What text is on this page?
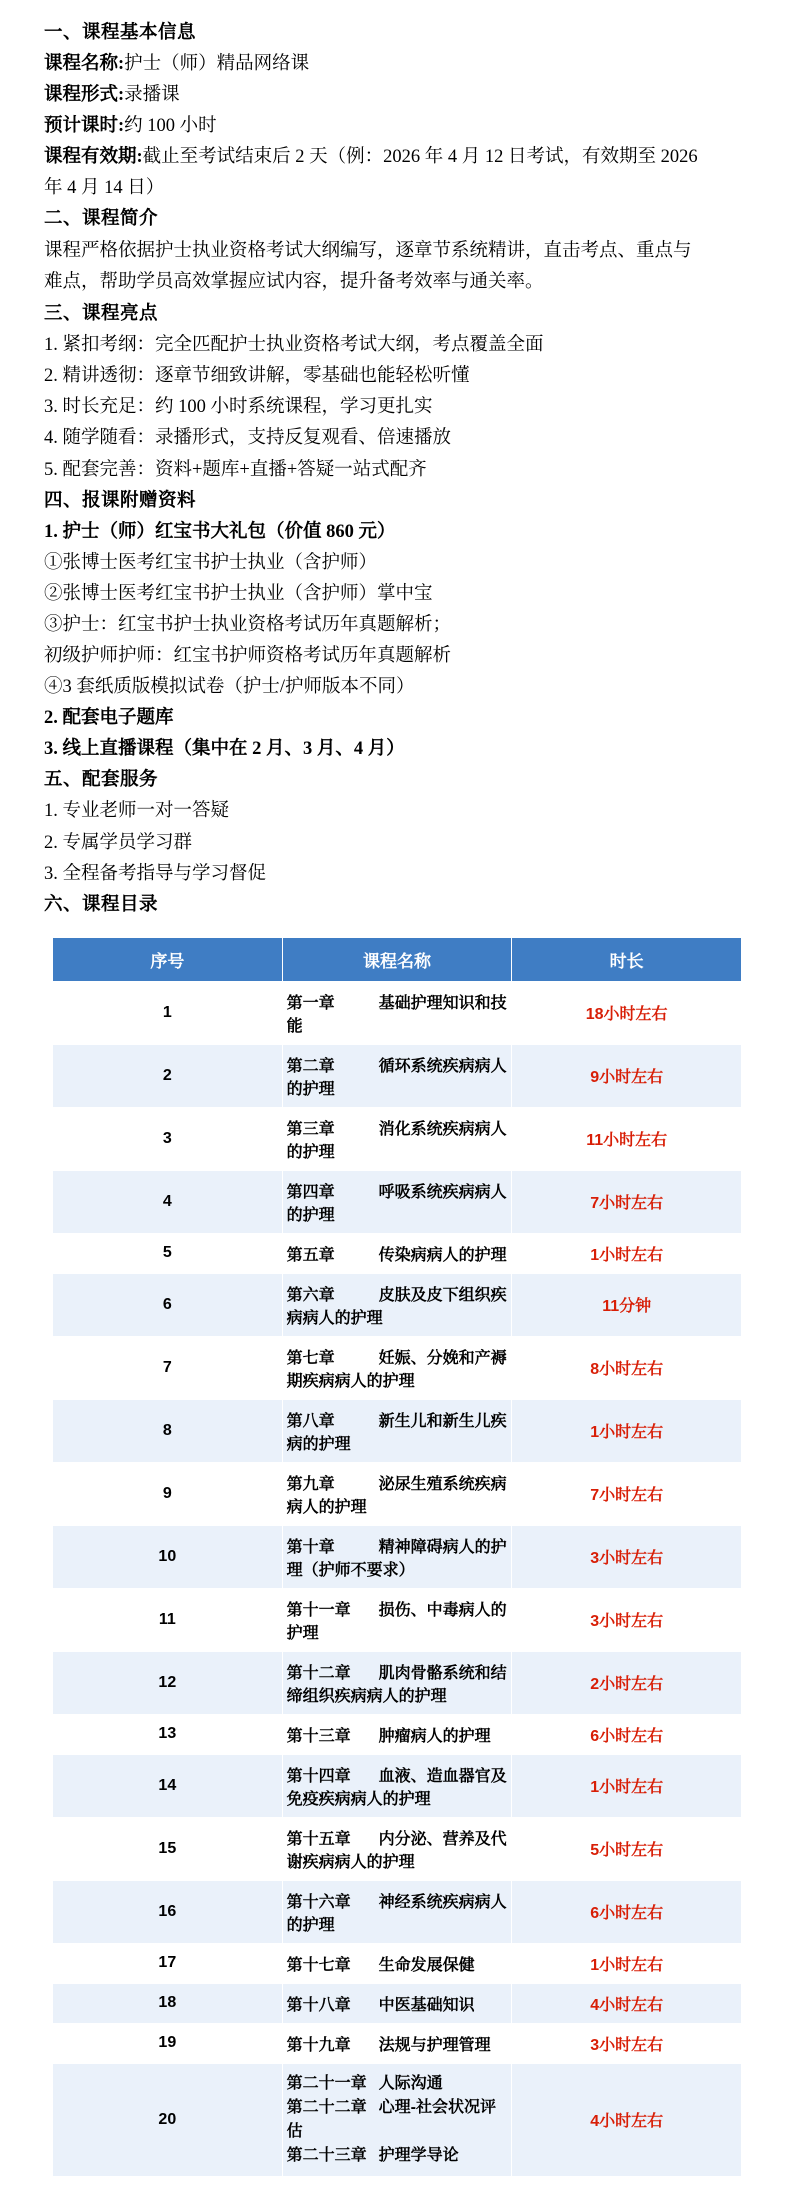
一、课程基本信息
课程名称:护士（师）精品网络课
课程形式:录播课
预计课时:约 100 小时
课程有效期:截止至考试结束后 2 天（例：2026 年 4 月 12 日考试，有效期至 2026
年 4 月 14 日）
二、课程简介
课程严格依据护士执业资格考试大纲编写，逐章节系统精讲，直击考点、重点与
难点，帮助学员高效掌握应试内容，提升备考效率与通关率。
三、课程亮点
1. 紧扣考纲：完全匹配护士执业资格考试大纲，考点覆盖全面
2. 精讲透彻：逐章节细致讲解，零基础也能轻松听懂
3. 时长充足：约 100 小时系统课程，学习更扎实
4. 随学随看：录播形式，支持反复观看、倍速播放
5. 配套完善：资料+题库+直播+答疑一站式配齐
四、报课附赠资料
1. 护士（师）红宝书大礼包（价值 860 元）
①张博士医考红宝书护士执业（含护师）
②张博士医考红宝书护士执业（含护师）掌中宝
③护士：红宝书护士执业资格考试历年真题解析；
初级护师护师：红宝书护师资格考试历年真题解析
④3 套纸质版模拟试卷（护士/护师版本不同）
2. 配套电子题库
3. 线上直播课程（集中在 2 月、3 月、4 月）
五、配套服务
1. 专业老师一对一答疑
2. 专属学员学习群
3. 全程备考指导与学习督促
六、课程目录
序号	课程名称	时长
1	第一章 基础护理知识和技能	18小时左右
2	第二章 循环系统疾病病人的护理	9小时左右
3	第三章 消化系统疾病病人的护理	11小时左右
4	第四章 呼吸系统疾病病人的护理	7小时左右
5	第五章 传染病病人的护理	1小时左右
6	第六章 皮肤及皮下组织疾病病人的护理	11分钟
7	第七章 妊娠、分娩和产褥期疾病病人的护理	8小时左右
8	第八章 新生儿和新生儿疾病的护理	1小时左右
9	第九章 泌尿生殖系统疾病病人的护理	7小时左右
10	第十章 精神障碍病人的护理（护师不要求）	3小时左右
11	第十一章 损伤、中毒病人的护理	3小时左右
12	第十二章 肌肉骨骼系统和结缔组织疾病病人的护理	2小时左右
13	第十三章 肿瘤病人的护理	6小时左右
14	第十四章 血液、造血器官及免疫疾病病人的护理	1小时左右
15	第十五章 内分泌、营养及代谢疾病病人的护理	5小时左右
16	第十六章 神经系统疾病病人的护理	6小时左右
17	第十七章 生命发展保健	1小时左右
18	第十八章 中医基础知识	4小时左右
19	第十九章 法规与护理管理	3小时左右
20	第二十一章 人际沟通
第二十二章 心理-社会状况评估
第二十三章 护理学导论	4小时左右
